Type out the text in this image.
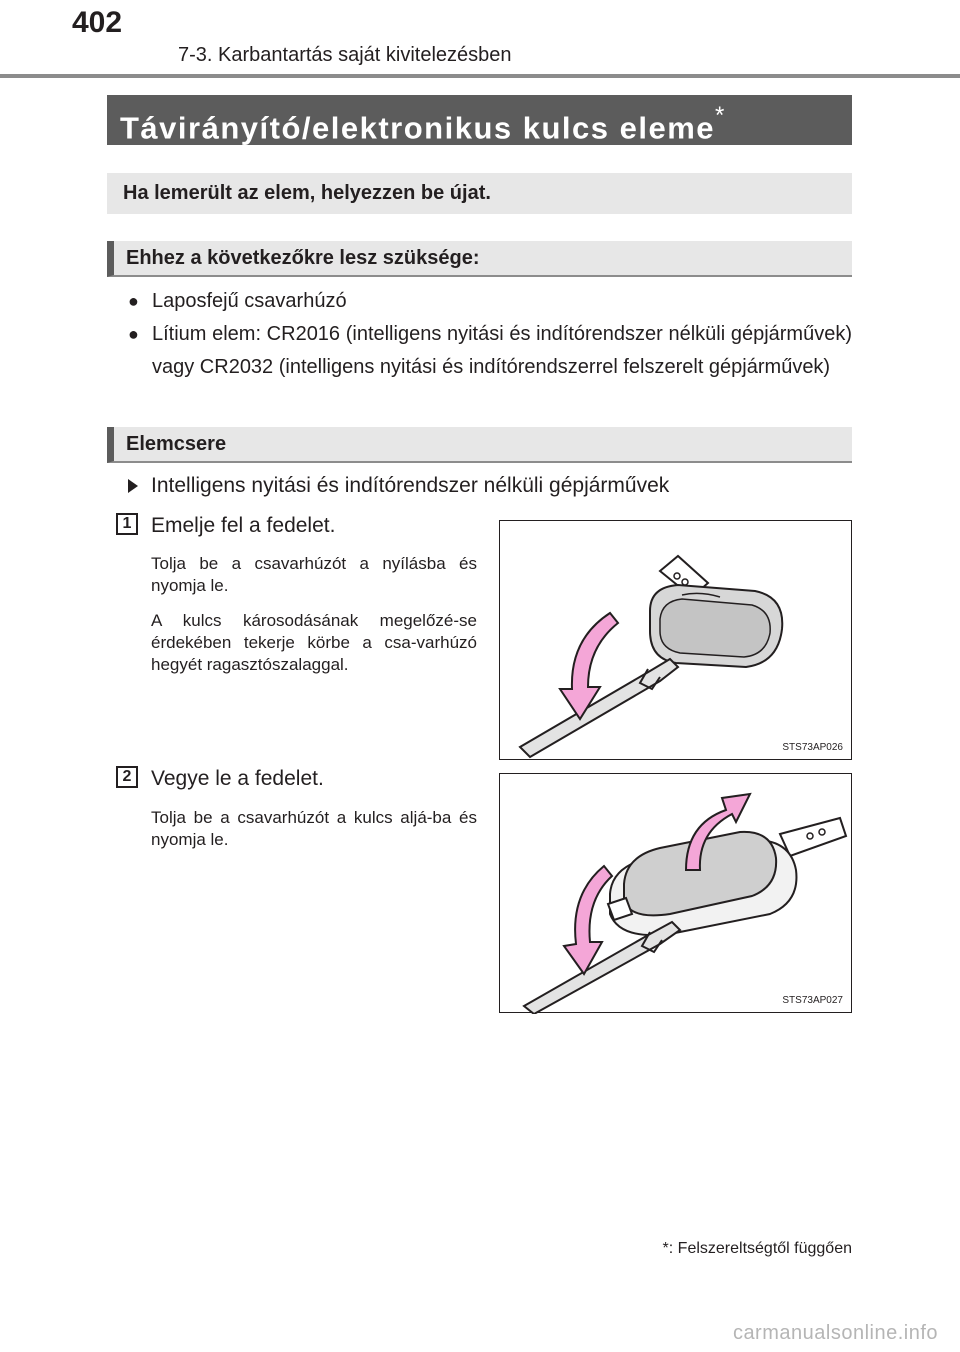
402
7-3. Karbantartás saját kivitelezésben
Távirányító/elektronikus kulcs eleme*
Ha lemerült az elem, helyezzen be újat.
Ehhez a következőkre lesz szüksége:
● Laposfejű csavarhúzó
● Lítium elem: CR2016 (intelligens nyitási és indítórendszer nélküli gépjárművek) vagy CR2032 (intelligens nyitási és indítórendszerrel felszerelt gépjárművek)
Elemcsere
Intelligens nyitási és indítórendszer nélküli gépjárművek
1 Emelje fel a fedelet.
Tolja be a csavarhúzót a nyílásba és nyomja le.
A kulcs károsodásának megelőzé-se érdekében tekerje körbe a csa-varhúzó hegyét ragasztószalaggal.
STS73AP026
2 Vegye le a fedelet.
Tolja be a csavarhúzót a kulcs aljá-ba és nyomja le.
STS73AP027
*: Felszereltségtől függően
carmanualsonline.info
